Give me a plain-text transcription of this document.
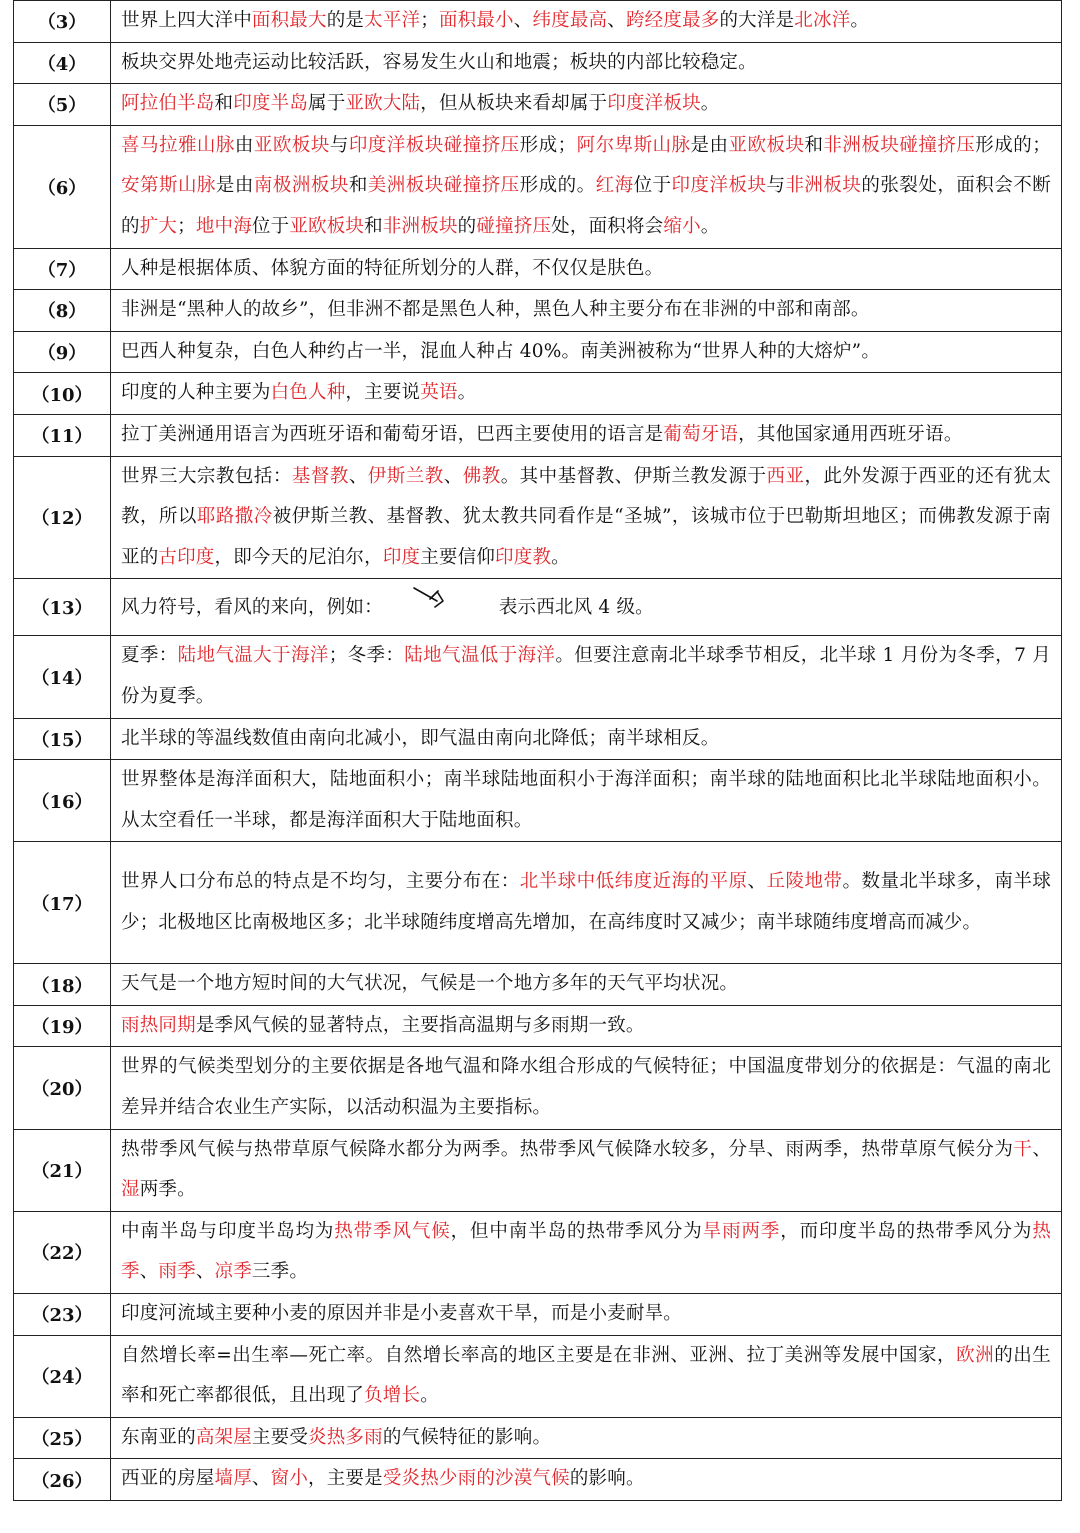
（3）	世界上四大洋中面积最大的是太平洋；面积最小、纬度最高、跨经度最多的大洋是北冰洋。
（4）	板块交界处地壳运动比较活跃，容易发生火山和地震；板块的内部比较稳定。
（5）	阿拉伯半岛和印度半岛属于亚欧大陆，但从板块来看却属于印度洋板块。
（6）	喜马拉雅山脉由亚欧板块与印度洋板块碰撞挤压形成；阿尔卑斯山脉是由亚欧板块和非洲板块碰撞挤压形成的；安第斯山脉是由南极洲板块和美洲板块碰撞挤压形成的。红海位于印度洋板块与非洲板块的张裂处，面积会不断的扩大；地中海位于亚欧板块和非洲板块的碰撞挤压处，面积将会缩小。
（7）	人种是根据体质、体貌方面的特征所划分的人群，不仅仅是肤色。
（8）	非洲是“黑种人的故乡”，但非洲不都是黑色人种，黑色人种主要分布在非洲的中部和南部。
（9）	巴西人种复杂，白色人种约占一半，混血人种占 40%。南美洲被称为“世界人种的大熔炉”。
（10）	印度的人种主要为白色人种，主要说英语。
（11）	拉丁美洲通用语言为西班牙语和葡萄牙语，巴西主要使用的语言是葡萄牙语，其他国家通用西班牙语。
（12）	世界三大宗教包括：基督教、伊斯兰教、佛教。其中基督教、伊斯兰教发源于西亚，此外发源于西亚的还有犹太教，所以耶路撒冷被伊斯兰教、基督教、犹太教共同看作是“圣城”，该城市位于巴勒斯坦地区；而佛教发源于南亚的古印度，即今天的尼泊尔，印度主要信仰印度教。
（13）	风力符号，看风的来向，例如： 表示西北风 4 级。
（14）	夏季：陆地气温大于海洋；冬季：陆地气温低于海洋。但要注意南北半球季节相反，北半球 1 月份为冬季，7 月份为夏季。
（15）	北半球的等温线数值由南向北减小，即气温由南向北降低；南半球相反。
（16）	世界整体是海洋面积大，陆地面积小；南半球陆地面积小于海洋面积；南半球的陆地面积比北半球陆地面积小。从太空看任一半球，都是海洋面积大于陆地面积。
（17）	世界人口分布总的特点是不均匀，主要分布在：北半球中低纬度近海的平原、丘陵地带。数量北半球多，南半球少；北极地区比南极地区多；北半球随纬度增高先增加，在高纬度时又减少；南半球随纬度增高而减少。
（18）	天气是一个地方短时间的大气状况，气候是一个地方多年的天气平均状况。
（19）	雨热同期是季风气候的显著特点，主要指高温期与多雨期一致。
（20）	世界的气候类型划分的主要依据是各地气温和降水组合形成的气候特征；中国温度带划分的依据是：气温的南北差异并结合农业生产实际，以活动积温为主要指标。
（21）	热带季风气候与热带草原气候降水都分为两季。热带季风气候降水较多，分旱、雨两季，热带草原气候分为干、湿两季。
（22）	中南半岛与印度半岛均为热带季风气候，但中南半岛的热带季风分为旱雨两季，而印度半岛的热带季风分为热季、雨季、凉季三季。
（23）	印度河流域主要种小麦的原因并非是小麦喜欢干旱，而是小麦耐旱。
（24）	自然增长率=出生率—死亡率。自然增长率高的地区主要是在非洲、亚洲、拉丁美洲等发展中国家，欧洲的出生率和死亡率都很低，且出现了负增长。
（25）	东南亚的高架屋主要受炎热多雨的气候特征的影响。
（26）	西亚的房屋墙厚、窗小，主要是受炎热少雨的沙漠气候的影响。
